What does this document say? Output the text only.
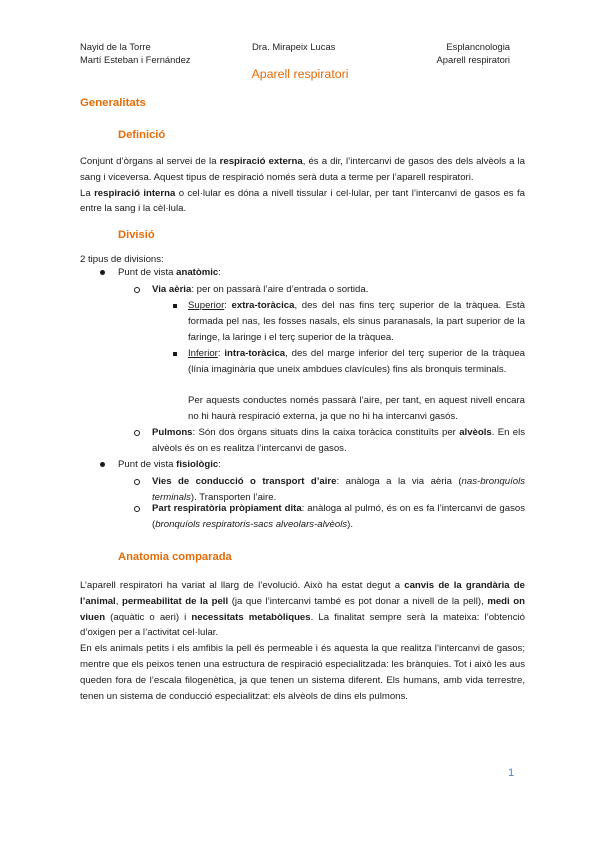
Nayid de la Torre
Martí Esteban i Fernández
Dra. Mirapeix Lucas	Esplancnologia
Aparell respiratori
Aparell respiratori
Generalitats
Definició

Conjunt d’òrgans al servei de la respiració externa, és a dir, l’intercanvi de gasos des dels alvèols a la sang i viceversa. Aquest tipus de respiració només serà duta a terme per l’aparell respiratori.

La respiració interna o cel·lular es dóna a nivell tissular i cel·lular, per tant l’intercanvi de gasos es fa entre la sang i la cèl·lula.

Divisió
2 tipus de divisions:
Punt de vista anatòmic:
Via aèria: per on passarà l’aire d’entrada o sortida.

Superior: extra-toràcica, des del nas fins terç superior de la tràquea. Està formada pel nas, les fosses nasals, els sinus paranasals, la part superior de la faringe, la laringe i el terç superior de la tràquea.

Inferior: intra-toràcica, des del marge inferior del terç superior de la tràquea (línia imaginària que uneix ambdues clavícules) fins als bronquis terminals.

Per aquests conductes només passarà l’aire, per tant, en aquest nivell encara no hi haurà respiració externa, ja que no hi ha intercanvi gasós.

Pulmons: Són dos òrgans situats dins la caixa toràcica constituïts per alvèols. En els alvèols és on es realitza l’intercanvi de gasos.

Punt de vista fisiològic:

Vies de conducció o transport d’aire: anàloga a la via aèria (nas-bronquíols terminals). Transporten l’aire.

Part respiratòria pròpiament dita: anàloga al pulmó, és on es fa l’intercanvi de gasos (bronquíols respiratoris-sacs alveolars-alvèols).

Anatomia comparada

L’aparell respiratori ha variat al llarg de l’evolució. Això ha estat degut a canvis de la grandària de l’animal, permeabilitat de la pell (ja que l’intercanvi també es pot donar a nivell de la pell), medi on viuen (aquàtic o aeri) i necessitats metabòliques. La finalitat sempre serà la mateixa: l’obtenció d’oxigen per a l’activitat cel·lular.

En els animals petits i els amfibis la pell és permeable i és aquesta la que realitza l’intercanvi de gasos; mentre que els peixos tenen una estructura de respiració especialitzada: les brànquies. Tot i això les aus queden fora de l’escala filogenètica, ja que tenen un sistema diferent. Els humans, amb vida terrestre, tenen un sistema de conducció especialitzat: els alvèols de dins els pulmons.

1
